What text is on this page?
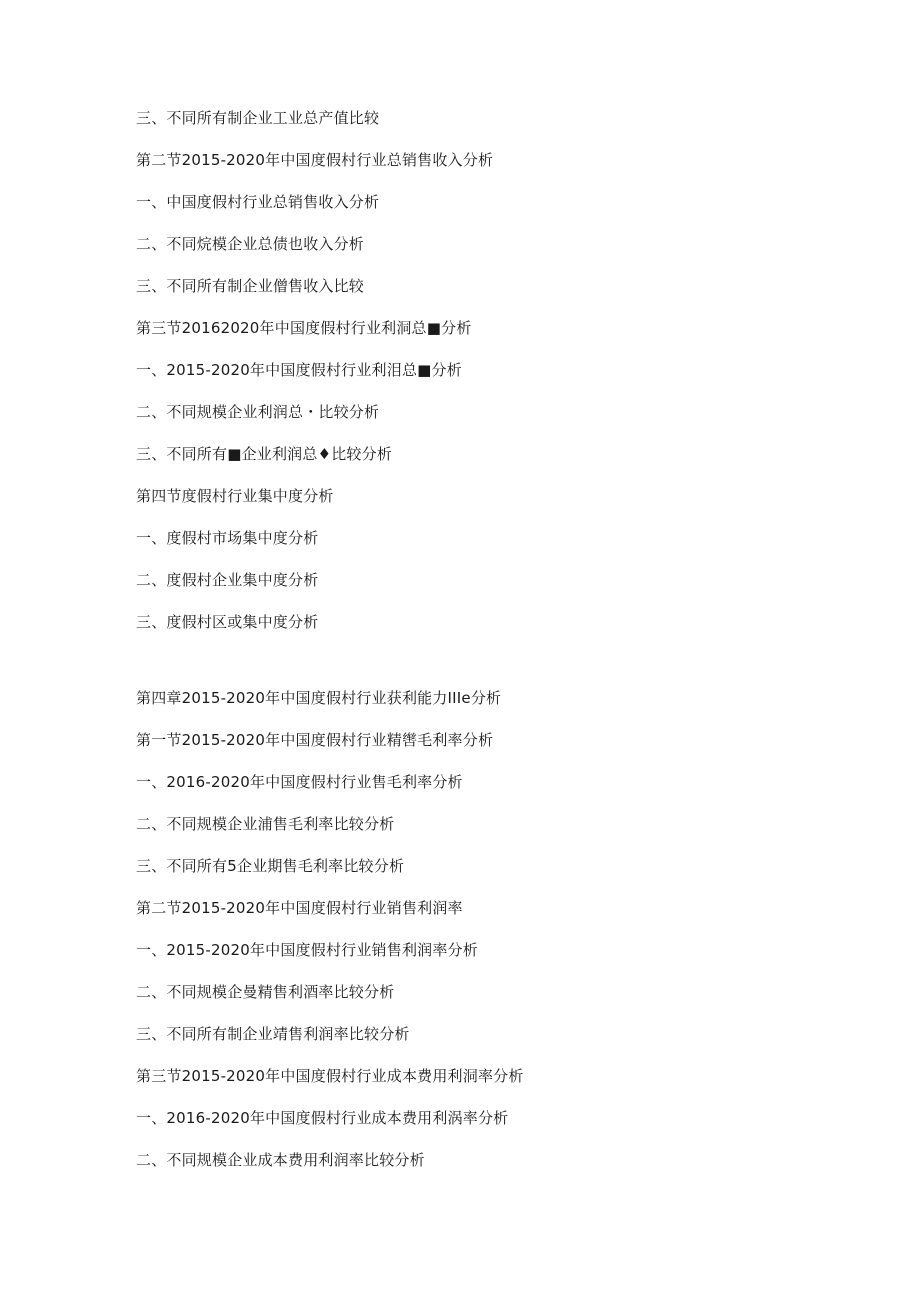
三、不同所有制企业工业总产值比较

第二节2015-2020年中国度假村行业总销售收入分析

一、中国度假村行业总销售收入分析

二、不同烷模企业总债也收入分析

三、不同所有制企业僧售收入比较

第三节20162020年中国度假村行业利洞总■分析

一、2015-2020年中国度假村行业利泪总■分析

二、不同规模企业利润总・比较分析

三、不同所有■企业利润总♦比较分析

第四节度假村行业集中度分析

一、度假村市场集中度分析

二、度假村企业集中度分析

三、度假村区或集中度分析

第四章2015-2020年中国度假村行业获利能力IIIe分析

第一节2015-2020年中国度假村行业精辔毛利率分析

一、2016-2020年中国度假村行业售毛利率分析

二、不同规模企业浦售毛利率比较分析

三、不同所有5企业期售毛利率比较分析

第二节2015-2020年中国度假村行业销售利润率

一、2015-2020年中国度假村行业销售利润率分析

二、不同规模企曼精售利酒率比较分析

三、不同所有制企业靖售利润率比较分析

第三节2015-2020年中国度假村行业成本费用利洞率分析

一、2016-2020年中国度假村行业成本费用利涡率分析

二、不同规模企业成本费用利润率比较分析
